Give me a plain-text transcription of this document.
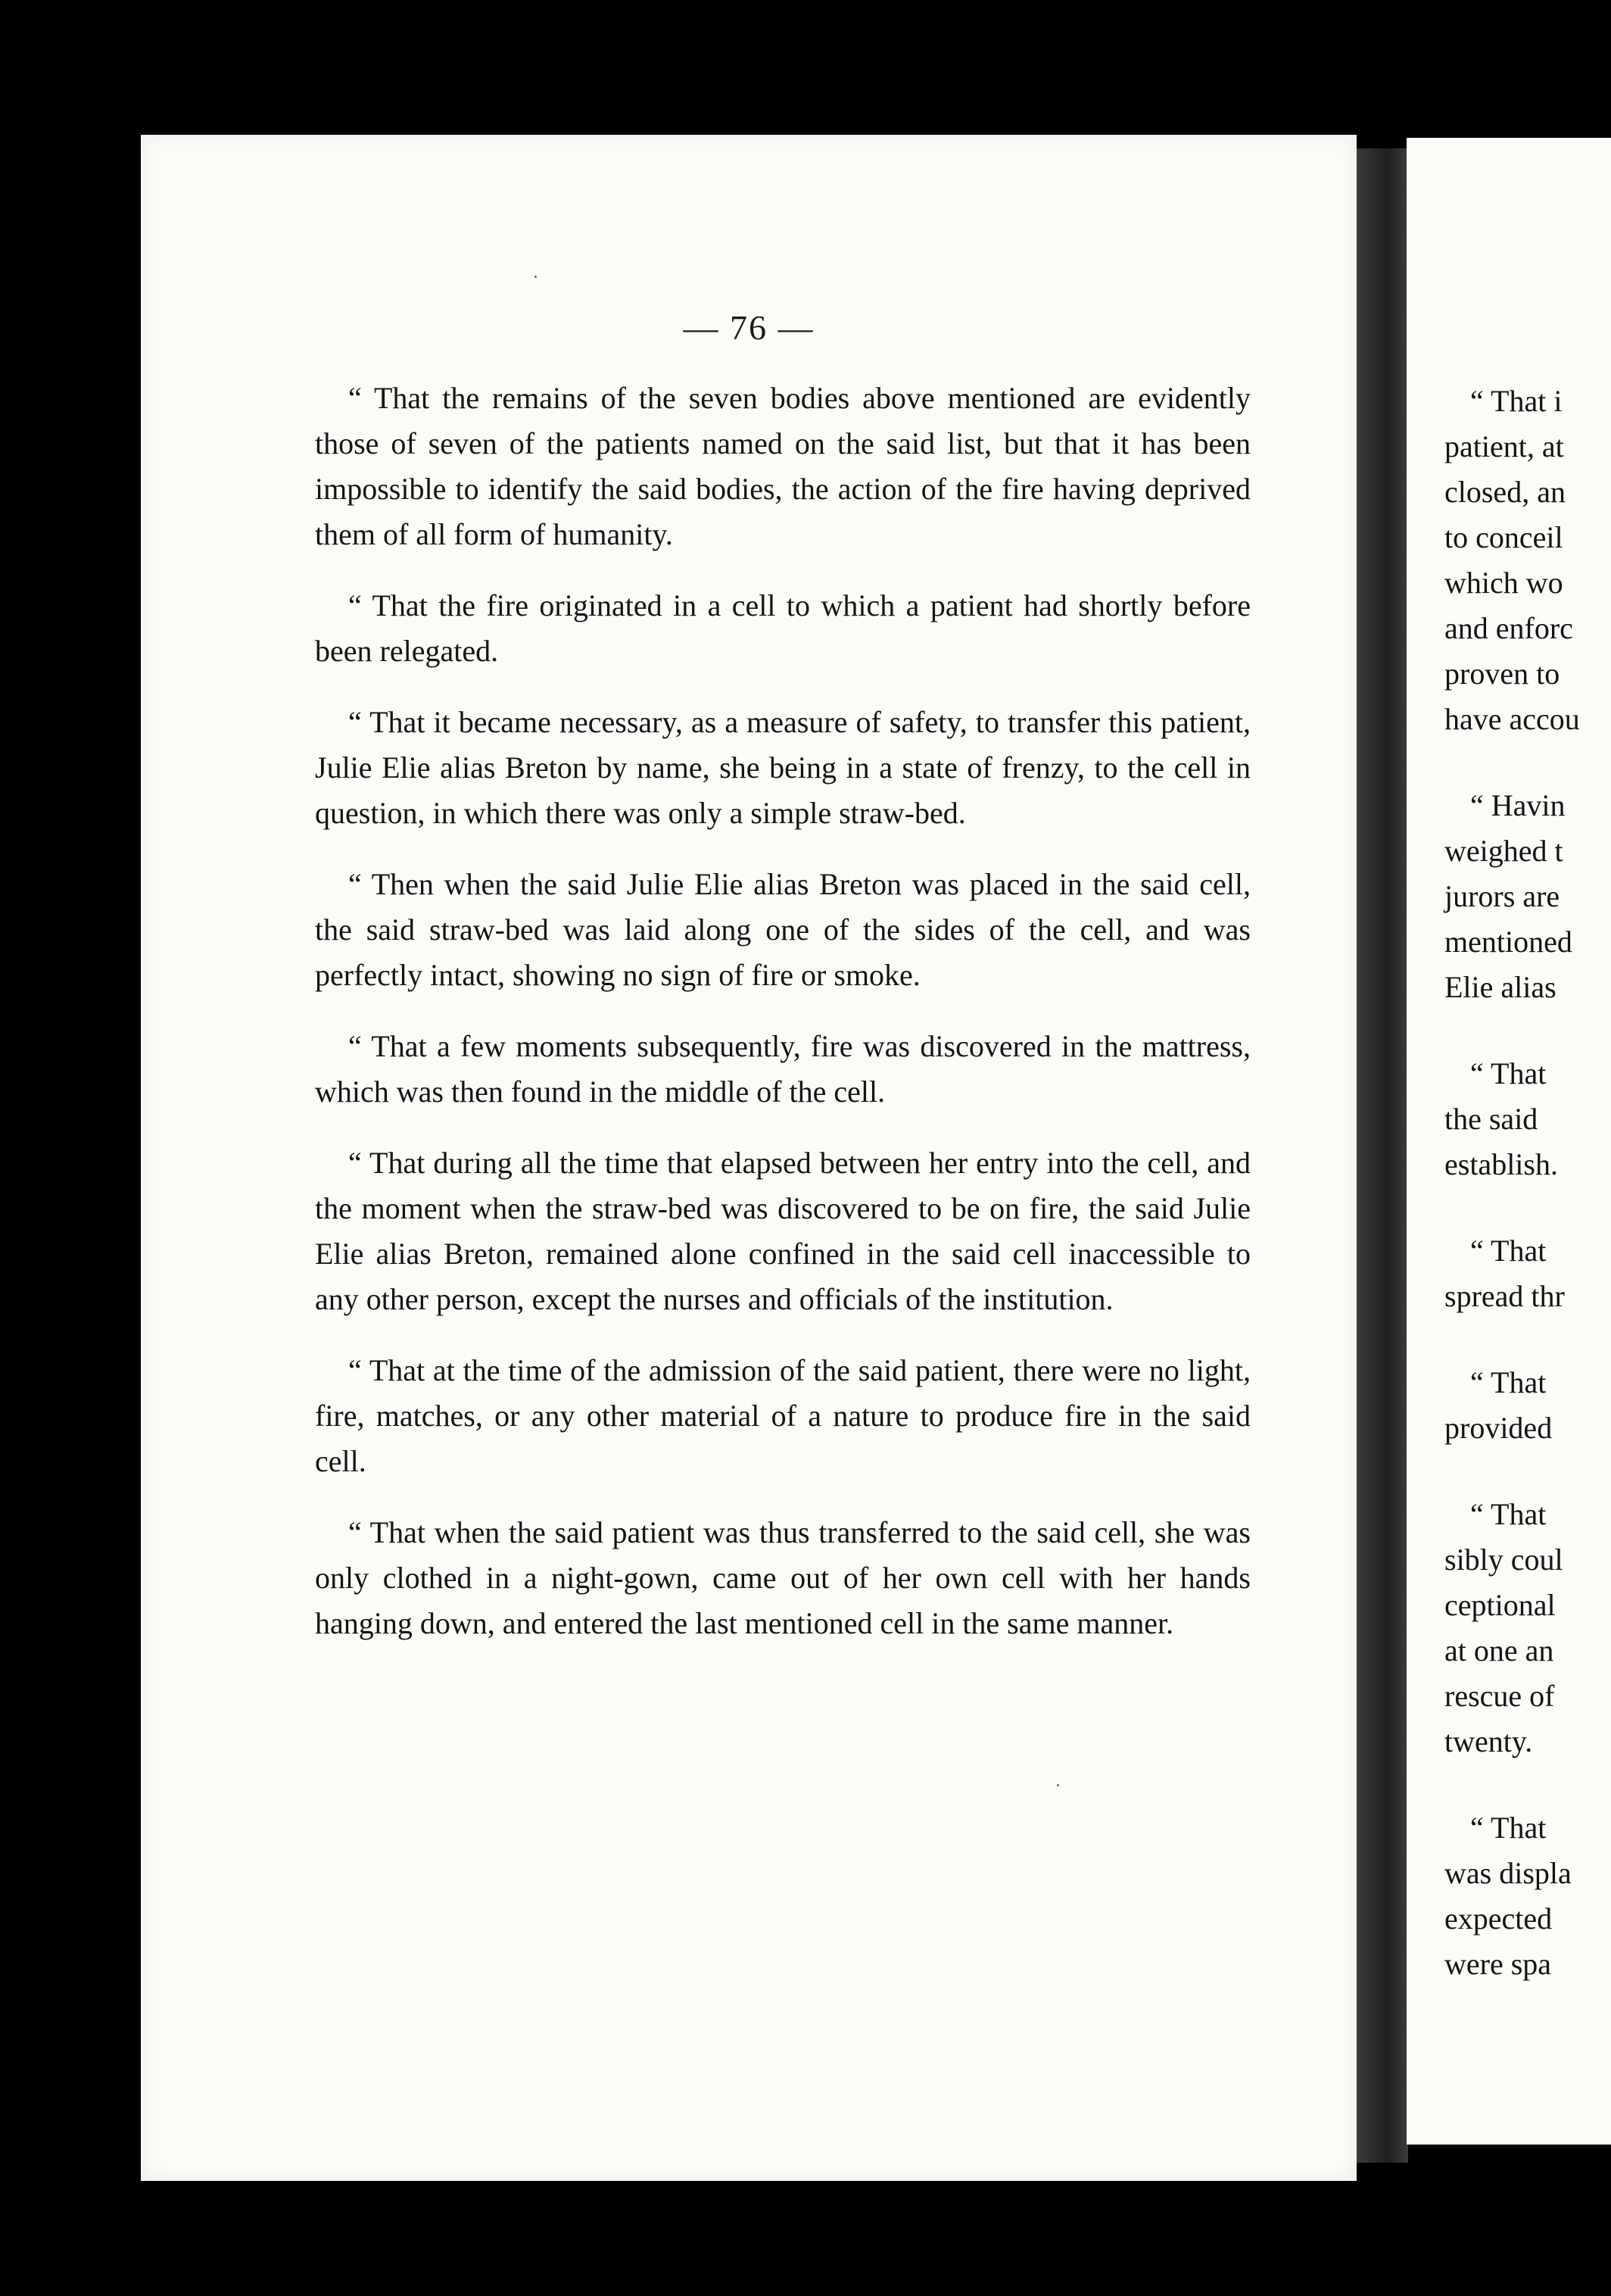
— 76 —

“ That the remains of the seven bodies above mentioned are evidently those of seven of the patients named on the said list, but that it has been impossible to identify the said bodies, the action of the fire having deprived them of all form of humanity.

“ That the fire originated in a cell to which a patient had shortly before been relegated.

“ That it became necessary, as a measure of safety, to transfer this patient, Julie Elie alias Breton by name, she being in a state of frenzy, to the cell in question, in which there was only a simple straw-bed.

“ Then when the said Julie Elie alias Breton was placed in the said cell, the said straw-bed was laid along one of the sides of the cell, and was perfectly intact, showing no sign of fire or smoke.

“ That a few moments subsequently, fire was discovered in the mattress, which was then found in the middle of the cell.

“ That during all the time that elapsed between her entry into the cell, and the moment when the straw-bed was discovered to be on fire, the said Julie Elie alias Breton, remained alone confined in the said cell inaccessible to any other person, except the nurses and officials of the institution.

“ That at the time of the admission of the said patient, there were no light, fire, matches, or any other material of a nature to produce fire in the said cell.

“ That when the said patient was thus transferred to the said cell, she was only clothed in a night-gown, came out of her own cell with her hands hanging down, and entered the last mentioned cell in the same manner.

“ That i
patient, at
closed, an
to conceil
which wo
and enforc
proven to
have accou
“ Havin
weighed t
jurors are
mentioned
Elie alias
“ That
the said
establish.
“ That
spread thr
“ That
provided
“ That
sibly coul
ceptional
at one an
rescue of
twenty.
“ That
was displa
expected
were spa
